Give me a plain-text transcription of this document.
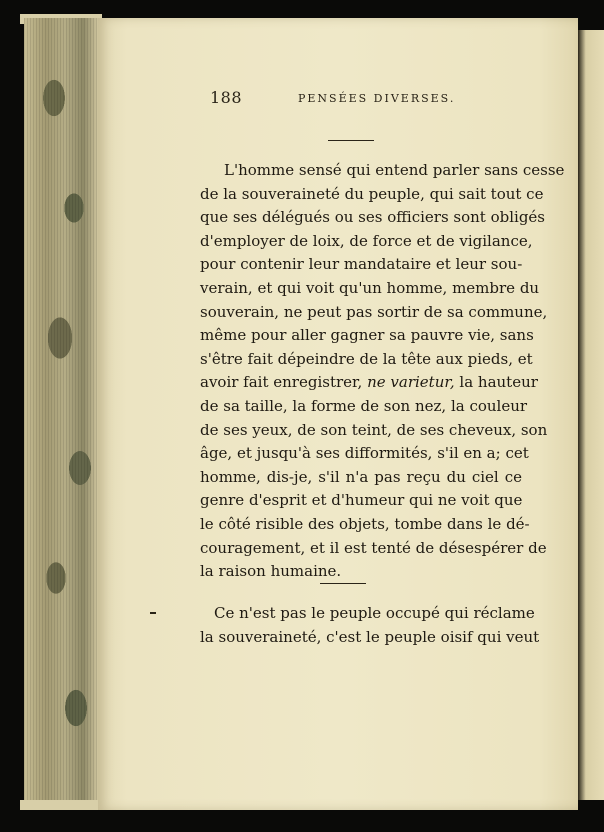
188	PENSÉES DIVERSES.
L'homme sensé qui entend parler sans cesse
de la souveraineté du peuple, qui sait tout ce
que ses délégués ou ses officiers sont obligés
d'employer de loix, de force et de vigilance,
pour contenir leur mandataire et leur sou-
verain, et qui voit qu'un homme, membre du
souverain, ne peut pas sortir de sa commune,
même pour aller gagner sa pauvre vie, sans
s'être fait dépeindre de la tête aux pieds, et
avoir fait enregistrer, ne varietur, la hauteur
de sa taille, la forme de son nez, la couleur
de ses yeux, de son teint, de ses cheveux, son
âge, et jusqu'à ses difformités, s'il en a; cet
homme, dis-je, s'il n'a pas reçu du ciel ce
genre d'esprit et d'humeur qui ne voit que
le côté risible des objets, tombe dans le dé-
couragement, et il est tenté de désespérer de
la raison humaine.
Ce n'est pas le peuple occupé qui réclame
la souveraineté, c'est le peuple oisif qui veut
